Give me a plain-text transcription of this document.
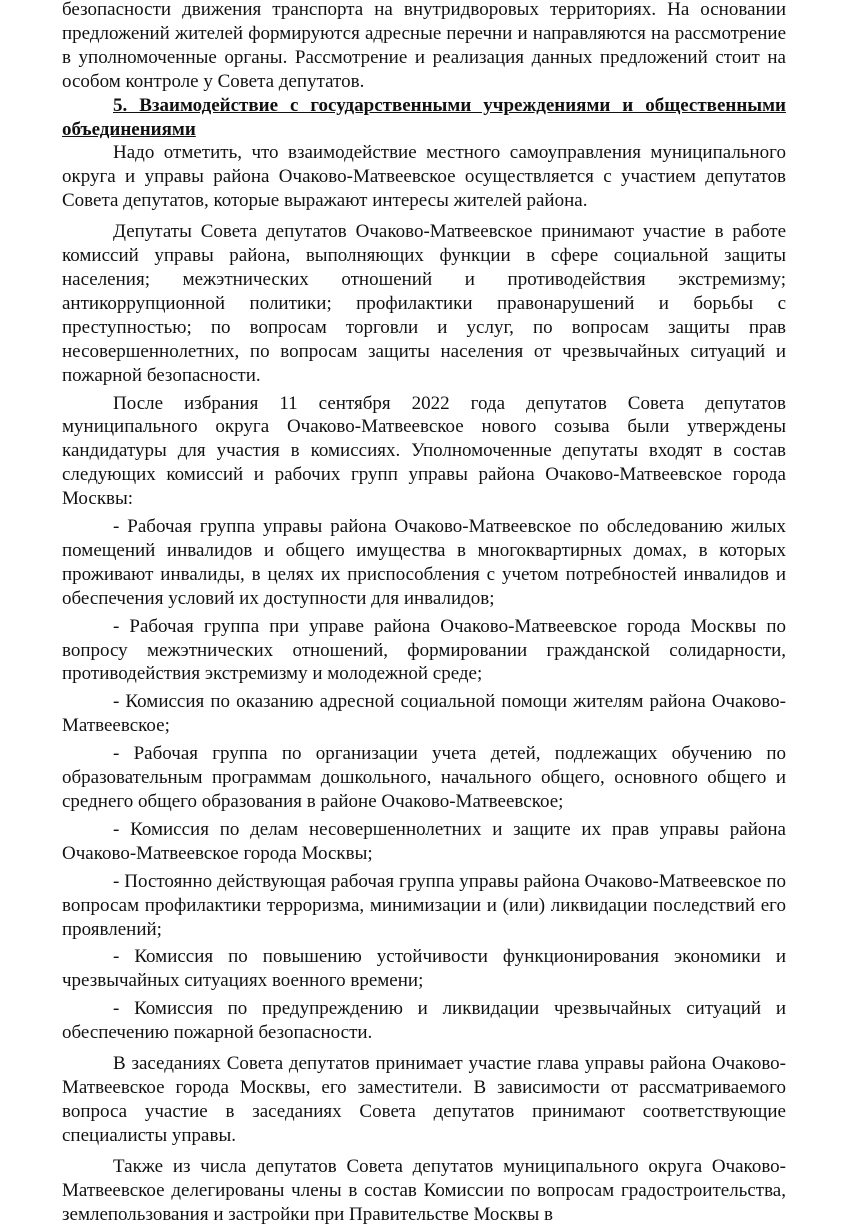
безопасности движения транспорта на внутридворовых территориях. На основании предложений жителей формируются адресные перечни и направляются на рассмотрение в уполномоченные органы. Рассмотрение и реализация данных предложений стоит на особом контроле у Совета депутатов.

5. Взаимодействие с государственными учреждениями и общественными объединениями

Надо отметить, что взаимодействие местного самоуправления муниципального округа и управы района Очаково-Матвеевское осуществляется с участием депутатов Совета депутатов, которые выражают интересы жителей района.

Депутаты Совета депутатов Очаково-Матвеевское принимают участие в работе комиссий управы района, выполняющих функции в сфере социальной защиты населения; межэтнических отношений и противодействия экстремизму; антикоррупционной политики; профилактики правонарушений и борьбы с преступностью; по вопросам торговли и услуг, по вопросам защиты прав несовершеннолетних, по вопросам защиты населения от чрезвычайных ситуаций и пожарной безопасности.

После избрания 11 сентября 2022 года депутатов Совета депутатов муниципального округа Очаково-Матвеевское нового созыва были утверждены кандидатуры для участия в комиссиях. Уполномоченные депутаты входят в состав следующих комиссий и рабочих групп управы района Очаково-Матвеевское города Москвы:

- Рабочая группа управы района Очаково-Матвеевское по обследованию жилых помещений инвалидов и общего имущества в многоквартирных домах, в которых проживают инвалиды, в целях их приспособления с учетом потребностей инвалидов и обеспечения условий их доступности для инвалидов;

- Рабочая группа при управе района Очаково-Матвеевское города Москвы по вопросу межэтнических отношений, формировании гражданской солидарности, противодействия экстремизму и молодежной среде;

- Комиссия по оказанию адресной социальной помощи жителям района Очаково-Матвеевское;

- Рабочая группа по организации учета детей, подлежащих обучению по образовательным программам дошкольного, начального общего, основного общего и среднего общего образования в районе Очаково-Матвеевское;

- Комиссия по делам несовершеннолетних и защите их прав управы района Очаково-Матвеевское города Москвы;

- Постоянно действующая рабочая группа управы района Очаково-Матвеевское по вопросам профилактики терроризма, минимизации и (или) ликвидации последствий его проявлений;

- Комиссия по повышению устойчивости функционирования экономики и чрезвычайных ситуациях военного времени;

- Комиссия по предупреждению и ликвидации чрезвычайных ситуаций и обеспечению пожарной безопасности.

В заседаниях Совета депутатов принимает участие глава управы района Очаково-Матвеевское города Москвы, его заместители. В зависимости от рассматриваемого вопроса участие в заседаниях Совета депутатов принимают соответствующие специалисты управы.

Также из числа депутатов Совета депутатов муниципального округа Очаково-Матвеевское делегированы члены в состав Комиссии по вопросам градостроительства, землепользования и застройки при Правительстве Москвы в
